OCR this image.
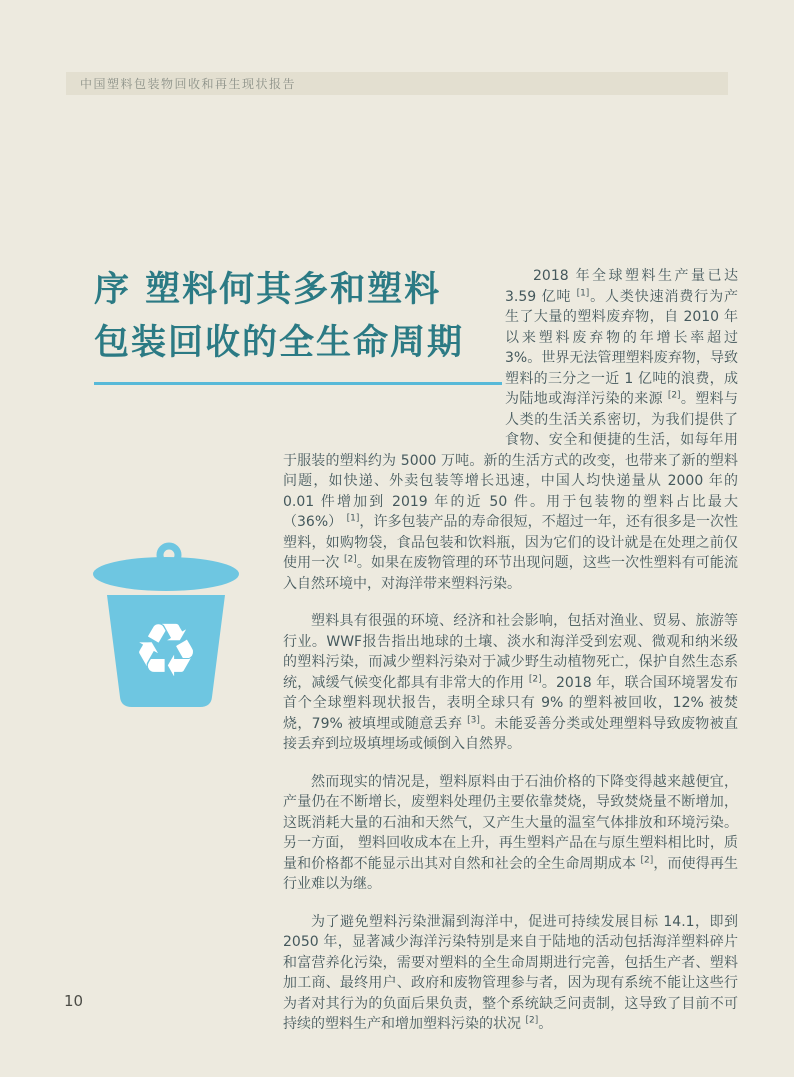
中国塑料包装物回收和再生现状报告
序 塑料何其多和塑料
包装回收的全生命周期

2018 年全球塑料生产量已达 3.59 亿吨 [1]。人类快速消费行为产生了大量的塑料废弃物，自 2010 年以来塑料废弃物的年增长率超过 3%。世界无法管理塑料废弃物，导致塑料的三分之一近 1 亿吨的浪费，成为陆地或海洋污染的来源 [2]。塑料与人类的生活关系密切，为我们提供了食物、安全和便捷的生活，如每年用于服装的塑料约为 5000 万吨。新的生活方式的改变，也带来了新的塑料问题，如快递、外卖包装等增长迅速，中国人均快递量从 2000 年的 0.01 件增加到 2019 年的近 50 件。用于包装物的塑料占比最大（36%） [1]，许多包装产品的寿命很短，不超过一年，还有很多是一次性塑料，如购物袋，食品包装和饮料瓶，因为它们的设计就是在处理之前仅使用一次 [2]。如果在废物管理的环节出现问题，这些一次性塑料有可能流入自然环境中，对海洋带来塑料污染。

塑料具有很强的环境、经济和社会影响，包括对渔业、贸易、旅游等行业。WWF报告指出地球的土壤、淡水和海洋受到宏观、微观和纳米级的塑料污染，而减少塑料污染对于减少野生动植物死亡，保护自然生态系统，减缓气候变化都具有非常大的作用 [2]。2018 年，联合国环境署发布首个全球塑料现状报告，表明全球只有 9% 的塑料被回收，12% 被焚烧，79% 被填埋或随意丢弃 [3]。未能妥善分类或处理塑料导致废物被直接丢弃到垃圾填埋场或倾倒入自然界。

然而现实的情况是，塑料原料由于石油价格的下降变得越来越便宜，产量仍在不断增长，废塑料处理仍主要依靠焚烧，导致焚烧量不断增加，这既消耗大量的石油和天然气，又产生大量的温室气体排放和环境污染。另一方面， 塑料回收成本在上升，再生塑料产品在与原生塑料相比时，质量和价格都不能显示出其对自然和社会的全生命周期成本 [2]，而使得再生行业难以为继。

为了避免塑料污染泄漏到海洋中，促进可持续发展目标 14.1，即到 2050 年，显著减少海洋污染特别是来自于陆地的活动包括海洋塑料碎片和富营养化污染，需要对塑料的全生命周期进行完善，包括生产者、塑料加工商、最终用户、政府和废物管理参与者，因为现有系统不能让这些行为者对其行为的负面后果负责，整个系统缺乏问责制，这导致了目前不可持续的塑料生产和增加塑料污染的状况 [2]。

♻
10
